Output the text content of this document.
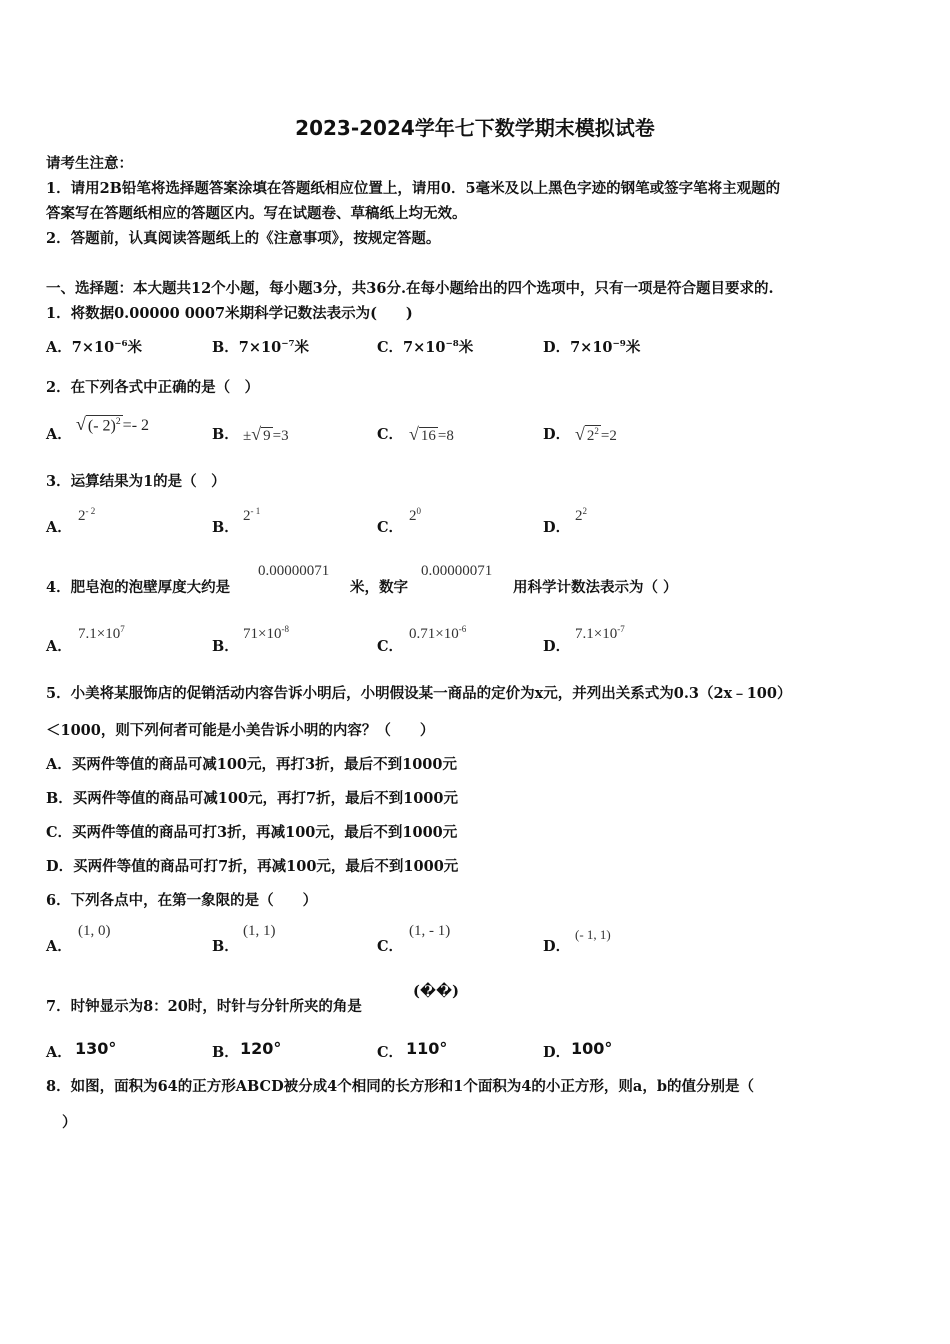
2023-2024学年七下数学期末模拟试卷
请考生注意：
1．请用2B铅笔将选择题答案涂填在答题纸相应位置上，请用0．5毫米及以上黑色字迹的钢笔或签字笔将主观题的
答案写在答题纸相应的答题区内。写在试题卷、草稿纸上均无效。
2．答题前，认真阅读答题纸上的《注意事项》，按规定答题。
一、选择题：本大题共12个小题，每小题3分，共36分.在每小题给出的四个选项中，只有一项是符合题目要求的.
1．将数据0.00000 0007米期科学记数法表示为(　　)
A．$7\times 10^{-6}$米	B．$7\times 10^{-7}$米	C．$7\times 10^{-8}$米	D．$7\times 10^{-9}$米
2．在下列各式中正确的是（　）
A．
√ (- 2)$^2$ =- 2
B． ±√ 9 =3	C． √ 16 =8	D． √ $2^2 =2$
3．运算结果为1的是（　）
A．
$2^{- 2}$
B．
$2^{- 1}$
C．
$2^0$
D．
$2^2$
4．肥皂泡的泡壁厚度大约是
0.00000071
米，数字
0.00000071
用科学计数法表示为（ ）
A．
$7.1\times 10^7$
B．
$71\times 10^{-8}$
C．
$0.71\times 10^{-6}$
D．
$7.1\times 10^{-7}$
5．小美将某服饰店的促销活动内容告诉小明后，小明假设某一商品的定价为x元，并列出关系式为0.3（2x﹣100）
＜1000，则下列何者可能是小美告诉小明的内容？（　　）
A．买两件等值的商品可减100元，再打3折，最后不到1000元
B．买两件等值的商品可减100元，再打7折，最后不到1000元
C．买两件等值的商品可打3折，再减100元，最后不到1000元
D．买两件等值的商品可打7折，再减100元，最后不到1000元
6．下列各点中，在第一象限的是（　　）
A．
(1, 0)
B．
(1, 1)
C．
(1, - 1)
D．
(- 1, 1)
7．时钟显示为8：20时，时针与分针所夹的角是
(��)
A． 130°	B． 120°	C． 110°	D． 100°
8．如图，面积为64的正方形ABCD被分成4个相同的长方形和1个面积为4的小正方形，则a，b的值分别是（
）
